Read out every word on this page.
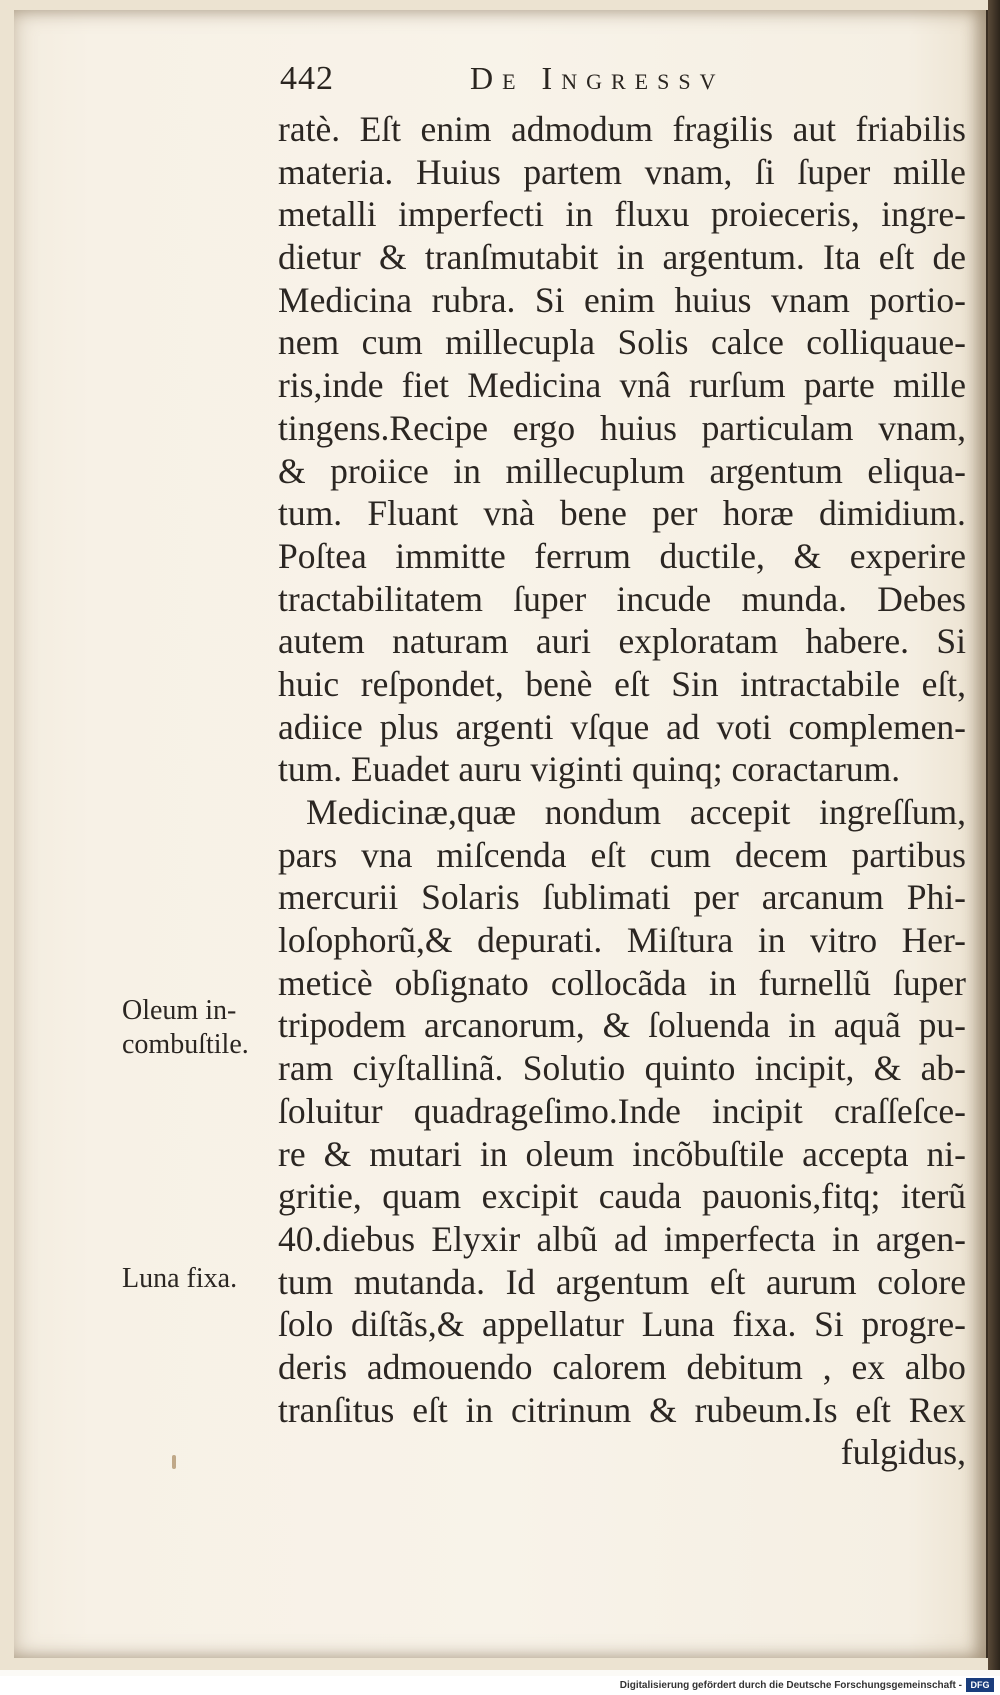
442	De Ingressv
ratè. Eſt enim admodum fragilis aut friabilis
materia. Huius partem vnam, ſi ſuper mille
metalli imperfecti in fluxu proieceris, ingre-
dietur & tranſmutabit in argentum. Ita eſt de
Medicina rubra. Si enim huius vnam portio-
nem cum millecupla Solis calce colliquaue-
ris,inde fiet Medicina vnâ rurſum parte mille
tingens.Recipe ergo huius particulam vnam,
& proiice in millecuplum argentum eliqua-
tum. Fluant vnà bene per horæ dimidium.
Poſtea immitte ferrum ductile, & experire
tractabilitatem ſuper incude munda. Debes
autem naturam auri exploratam habere. Si
huic reſpondet, benè eſt Sin intractabile eſt,
adiice plus argenti vſque ad voti complemen-
tum. Euadet auru viginti quinq; coractarum.
Medicinæ,quæ nondum accepit ingreſſum,
pars vna miſcenda eſt cum decem partibus
mercurii Solaris ſublimati per arcanum Phi-
loſophorũ,& depurati. Miſtura in vitro Her-
meticè obſignato collocãda in furnellũ ſuper
tripodem arcanorum, & ſoluenda in aquã pu-
ram ciyſtallinã. Solutio quinto incipit, & ab-
ſoluitur quadrageſimo.Inde incipit craſſeſce-
re & mutari in oleum incõbuſtile accepta ni-
gritie, quam excipit cauda pauonis,fitq; iterũ
40.diebus Elyxir albũ ad imperfecta in argen-
tum mutanda. Id argentum eſt aurum colore
ſolo diſtãs,& appellatur Luna fixa. Si progre-
deris admouendo calorem debitum , ex albo
tranſitus eſt in citrinum & rubeum.Is eſt Rex
fulgidus,
Oleum in-
combuſtile.
Luna fixa.
Digitalisierung gefördert durch die Deutsche Forschungsgemeinschaft - DFG
